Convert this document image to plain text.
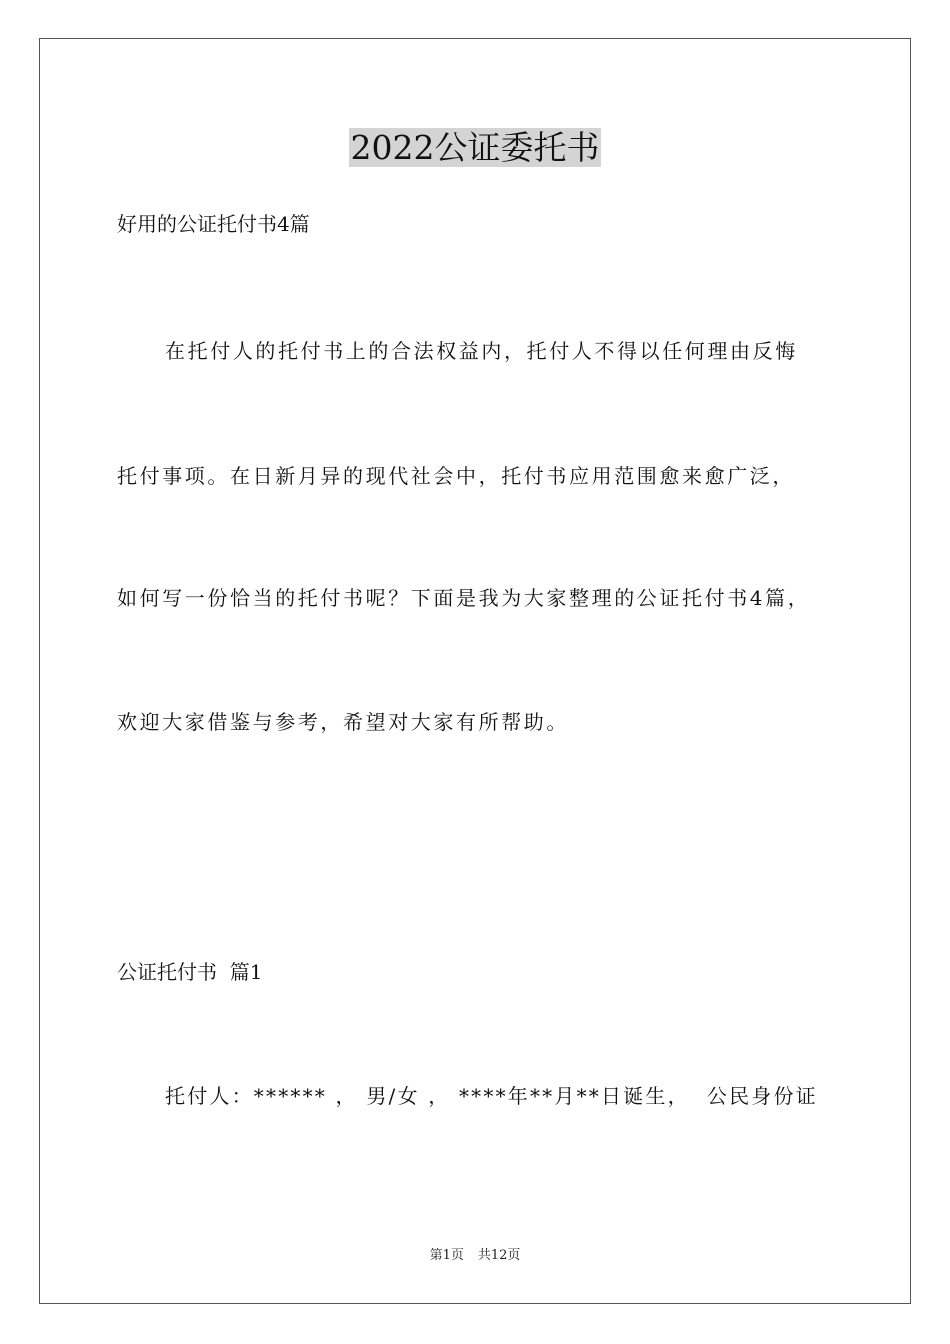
2022公证委托书

好用的公证托付书4篇

在托付人的托付书上的合法权益内，托付人不得以任何理由反悔

托付事项。在日新月异的现代社会中，托付书应用范围愈来愈广泛，

如何写一份恰当的托付书呢？下面是我为大家整理的公证托付书4篇，

欢迎大家借鉴与参考，希望对大家有所帮助。

公证托付书  篇1

托付人：****** ， 男/女 ， ****年**月**日诞生，  公民身份证

第1页 共12页
